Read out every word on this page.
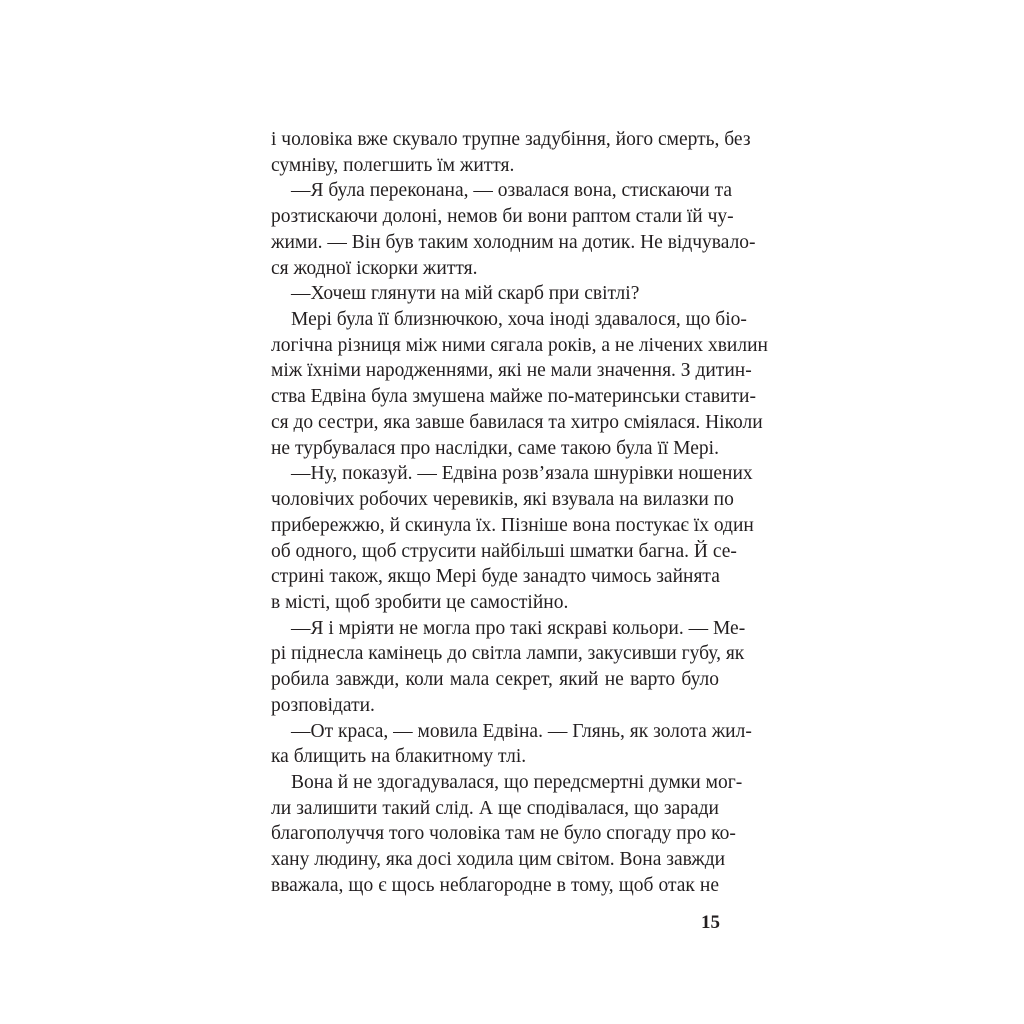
і чоловіка вже скувало трупне задубіння, його смерть, без
сумніву, полегшить їм життя.
—Я була переконана, — озвалася вона, стискаючи та
розтискаючи долоні, немов би вони раптом стали їй чу-
жими. — Він був таким холодним на дотик. Не відчувало-
ся жодної іскорки життя.
—Хочеш глянути на мій скарб при світлі?
Мері була її близнючкою, хоча іноді здавалося, що біо-
логічна різниця між ними сягала років, а не лічених хвилин
між їхніми народженнями, які не мали значення. З дитин-
ства Едвіна була змушена майже по-материнськи ставити-
ся до сестри, яка завше бавилася та хитро сміялася. Ніколи
не турбувалася про наслідки, саме такою була її Мері.
—Ну, показуй. — Едвіна розв’язала шнурівки ношених
чоловічих робочих черевиків, які взувала на вилазки по
прибережжю, й скинула їх. Пізніше вона постукає їх один
об одного, щоб струсити найбільші шматки багна. Й се-
стрині також, якщо Мері буде занадто чимось зайнята
в місті, щоб зробити це самостійно.
—Я і мріяти не могла про такі яскраві кольори. — Ме-
рі піднесла камінець до світла лампи, закусивши губу, як
робила завжди, коли мала секрет, який не варто було
розповідати.
—От краса, — мовила Едвіна. — Глянь, як золота жил-
ка блищить на блакитному тлі.
Вона й не здогадувалася, що передсмертні думки мог-
ли залишити такий слід. А ще сподівалася, що заради
благополуччя того чоловіка там не було спогаду про ко-
хану людину, яка досі ходила цим світом. Вона завжди
вважала, що є щось неблагородне в тому, щоб отак не
15
